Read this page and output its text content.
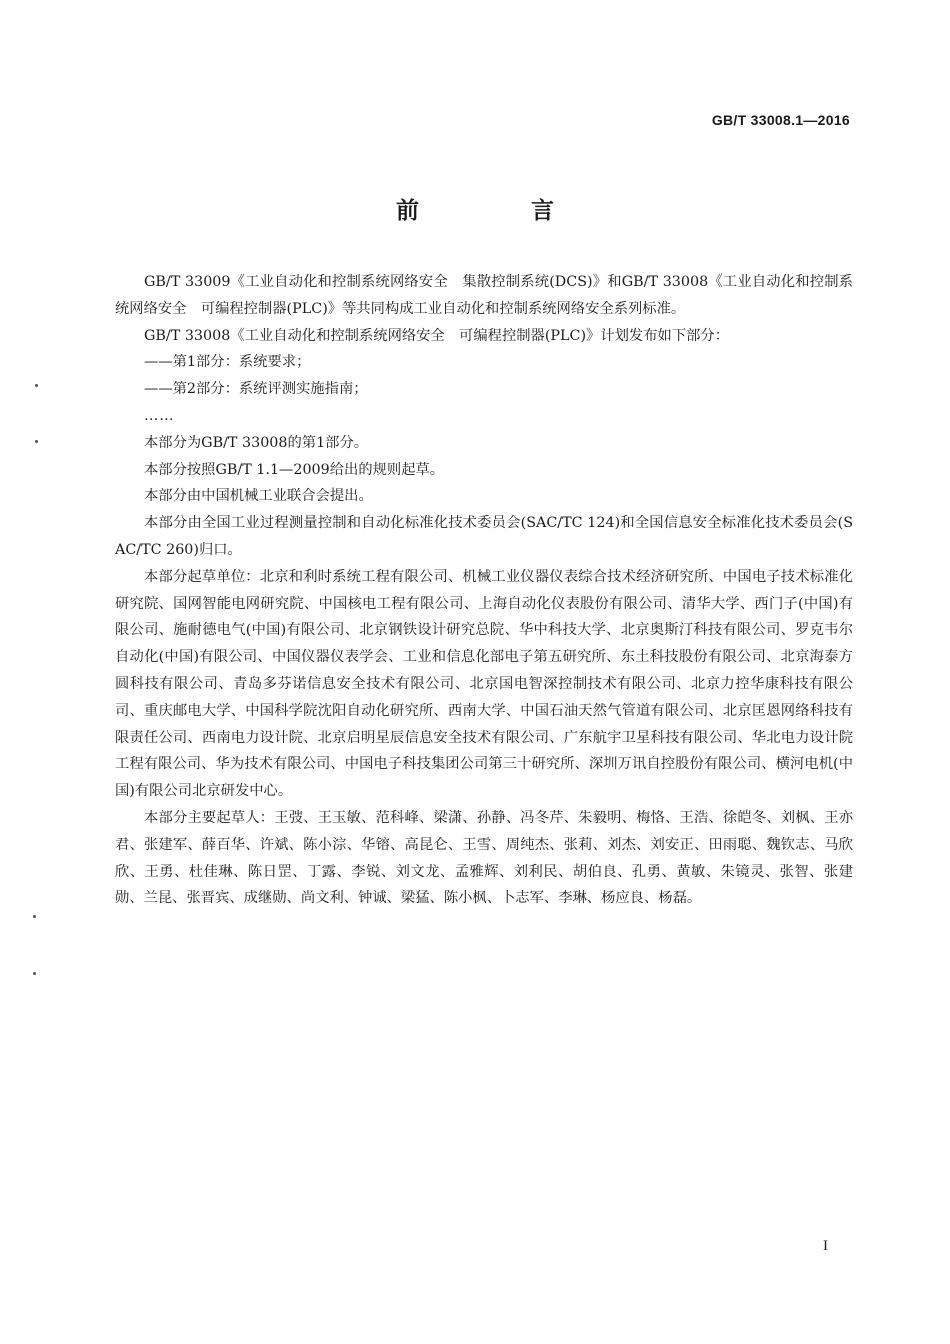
GB/T 33008.1—2016
前 言

GB/T 33009《工业自动化和控制系统网络安全　集散控制系统(DCS)》和GB/T 33008《工业自动化和控制系统网络安全　可编程控制器(PLC)》等共同构成工业自动化和控制系统网络安全系列标准。

GB/T 33008《工业自动化和控制系统网络安全　可编程控制器(PLC)》计划发布如下部分：

——第1部分：系统要求；

——第2部分：系统评测实施指南；

……

本部分为GB/T 33008的第1部分。

本部分按照GB/T 1.1—2009给出的规则起草。

本部分由中国机械工业联合会提出。

本部分由全国工业过程测量控制和自动化标准化技术委员会(SAC/TC 124)和全国信息安全标准化技术委员会(SAC/TC 260)归口。

本部分起草单位：北京和利时系统工程有限公司、机械工业仪器仪表综合技术经济研究所、中国电子技术标准化研究院、国网智能电网研究院、中国核电工程有限公司、上海自动化仪表股份有限公司、清华大学、西门子(中国)有限公司、施耐德电气(中国)有限公司、北京钢铁设计研究总院、华中科技大学、北京奥斯汀科技有限公司、罗克韦尔自动化(中国)有限公司、中国仪器仪表学会、工业和信息化部电子第五研究所、东土科技股份有限公司、北京海泰方圆科技有限公司、青岛多芬诺信息安全技术有限公司、北京国电智深控制技术有限公司、北京力控华康科技有限公司、重庆邮电大学、中国科学院沈阳自动化研究所、西南大学、中国石油天然气管道有限公司、北京匡恩网络科技有限责任公司、西南电力设计院、北京启明星辰信息安全技术有限公司、广东航宇卫星科技有限公司、华北电力设计院工程有限公司、华为技术有限公司、中国电子科技集团公司第三十研究所、深圳万讯自控股份有限公司、横河电机(中国)有限公司北京研发中心。

本部分主要起草人：王弢、王玉敏、范科峰、梁潇、孙静、冯冬芹、朱毅明、梅恪、王浩、徐皑冬、刘枫、王亦君、张建军、薛百华、许斌、陈小淙、华镕、高昆仑、王雪、周纯杰、张莉、刘杰、刘安正、田雨聪、魏钦志、马欣欣、王勇、杜佳琳、陈日罡、丁露、李锐、刘文龙、孟雅辉、刘利民、胡伯良、孔勇、黄敏、朱镜灵、张智、张建勋、兰昆、张晋宾、成继勋、尚文利、钟诚、梁猛、陈小枫、卜志军、李琳、杨应良、杨磊。

I
